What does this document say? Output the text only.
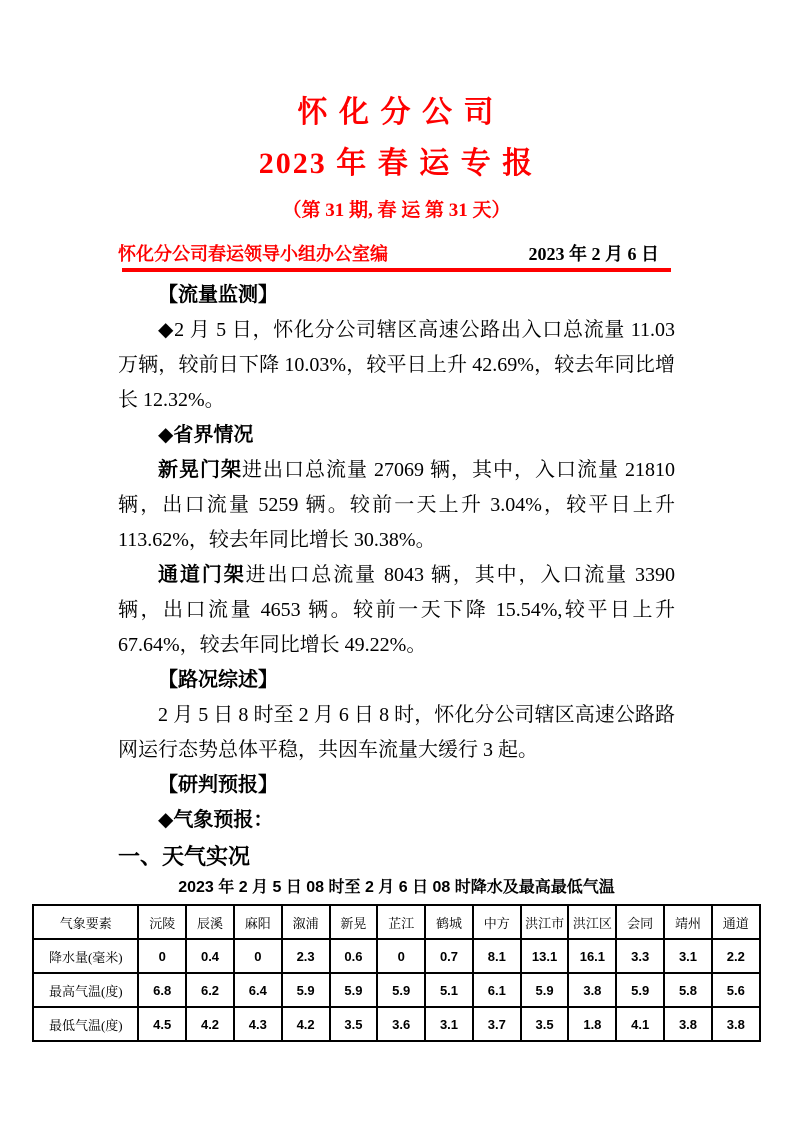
怀 化 分 公 司
2023 年 春 运 专 报
（第 31 期, 春 运 第 31 天）
怀化分公司春运领导小组办公室编	2023 年 2 月 6 日

【流量监测】

◆2 月 5 日，怀化分公司辖区高速公路出入口总流量 11.03 万辆，较前日下降 10.03%，较平日上升 42.69%，较去年同比增长 12.32%。

◆省界情况

新晃门架进出口总流量 27069 辆，其中，入口流量 21810 辆，出口流量 5259 辆。较前一天上升 3.04%，较平日上升 113.62%，较去年同比增长 30.38%。

通道门架进出口总流量 8043 辆，其中，入口流量 3390 辆，出口流量 4653 辆。较前一天下降 15.54%,较平日上升 67.64%，较去年同比增长 49.22%。

【路况综述】

2 月 5 日 8 时至 2 月 6 日 8 时，怀化分公司辖区高速公路路网运行态势总体平稳，共因车流量大缓行 3 起。

【研判预报】

◆气象预报：

一、天气实况
2023 年 2 月 5 日 08 时至 2 月 6 日 08 时降水及最高最低气温
气象要素	沅陵	辰溪	麻阳	溆浦	新晃	芷江	鹤城	中方	洪江市	洪江区	会同	靖州	通道
降水量(毫米)	0	0.4	0	2.3	0.6	0	0.7	8.1	13.1	16.1	3.3	3.1	2.2
最高气温(度)	6.8	6.2	6.4	5.9	5.9	5.9	5.1	6.1	5.9	3.8	5.9	5.8	5.6
最低气温(度)	4.5	4.2	4.3	4.2	3.5	3.6	3.1	3.7	3.5	1.8	4.1	3.8	3.8
